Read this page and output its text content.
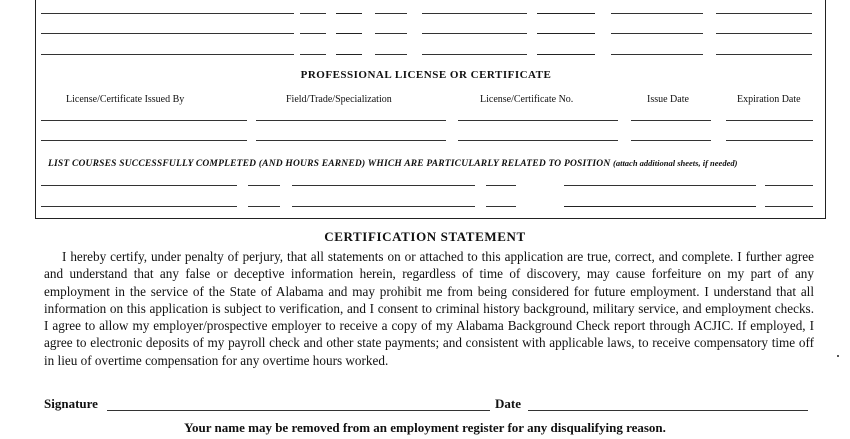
PROFESSIONAL LICENSE OR CERTIFICATE
License/Certificate Issued By	Field/Trade/Specialization	License/Certificate No.	Issue Date	Expiration Date
LIST COURSES SUCCESSFULLY COMPLETED (AND HOURS EARNED) WHICH ARE PARTICULARLY RELATED TO POSITION (attach additional sheets, if needed)
CERTIFICATION STATEMENT
I hereby certify, under penalty of perjury, that all statements on or attached to this application are true, correct, and complete. I further agree and understand that any false or deceptive information herein, regardless of time of discovery, may cause forfeiture on my part of any employment in the service of the State of Alabama and may prohibit me from being considered for future employment. I understand that all information on this application is subject to verification, and I consent to criminal history background, military service, and employment checks. I agree to allow my employer/prospective employer to receive a copy of my Alabama Background Check report through ACJIC. If employed, I agree to electronic deposits of my payroll check and other state payments; and consistent with applicable laws, to receive compensatory time off in lieu of overtime compensation for any overtime hours worked.
Signature	Date
Your name may be removed from an employment register for any disqualifying reason.
